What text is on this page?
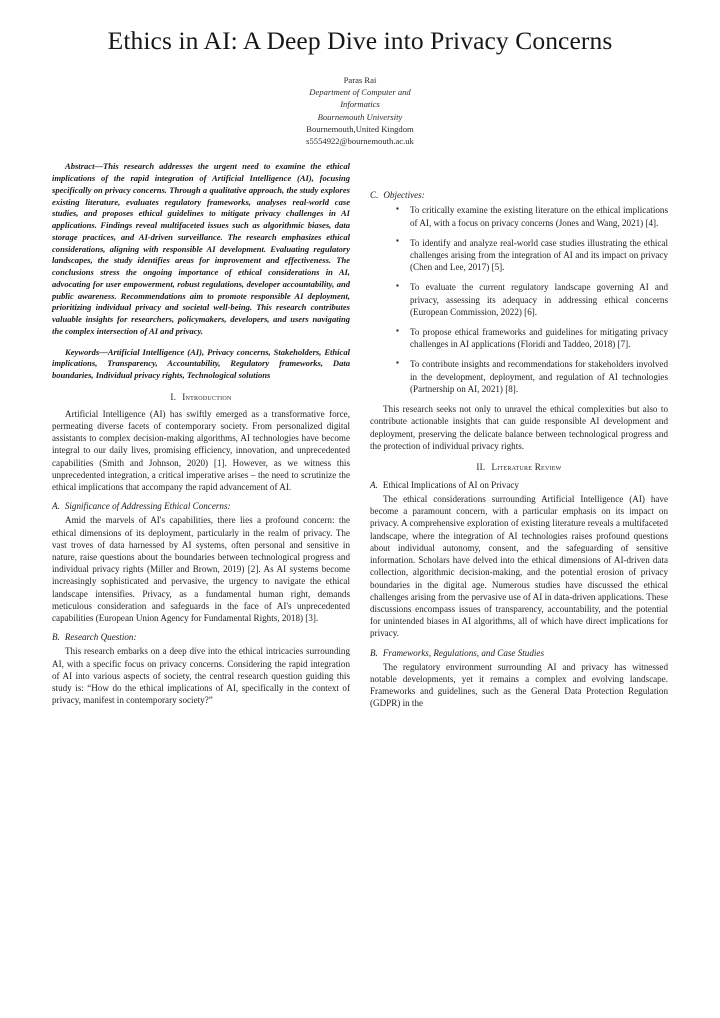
Ethics in AI: A Deep Dive into Privacy Concerns
Paras Rai
Department of Computer and
Informatics
Bournemouth University
Bournemouth,United Kingdom
s5554922@bournemouth.ac.uk

Abstract—This research addresses the urgent need to examine the ethical implications of the rapid integration of Artificial Intelligence (AI), focusing specifically on privacy concerns. Through a qualitative approach, the study explores existing literature, evaluates regulatory frameworks, analyses real-world case studies, and proposes ethical guidelines to mitigate privacy challenges in AI applications. Findings reveal multifaceted issues such as algorithmic biases, data storage practices, and AI-driven surveillance. The research emphasizes ethical considerations, aligning with responsible AI development. Evaluating regulatory landscapes, the study identifies areas for improvement and effectiveness. The conclusions stress the ongoing importance of ethical considerations in AI, advocating for user empowerment, robust regulations, developer accountability, and public awareness. Recommendations aim to promote responsible AI deployment, prioritizing individual privacy and societal well-being. This research contributes valuable insights for researchers, policymakers, developers, and users navigating the complex intersection of AI and privacy.

Keywords—Artificial Intelligence (AI), Privacy concerns, Stakeholders, Ethical implications, Transparency, Accountability, Regulatory frameworks, Data boundaries, Individual privacy rights, Technological solutions

I. Introduction

Artificial Intelligence (AI) has swiftly emerged as a transformative force, permeating diverse facets of contemporary society. From personalized digital assistants to complex decision-making algorithms, AI technologies have become integral to our daily lives, promising efficiency, innovation, and unprecedented capabilities (Smith and Johnson, 2020) [1]. However, as we witness this unprecedented integration, a critical imperative arises – the need to scrutinize the ethical implications that accompany the rapid advancement of AI.

A. Significance of Addressing Ethical Concerns:

Amid the marvels of AI's capabilities, there lies a profound concern: the ethical dimensions of its deployment, particularly in the realm of privacy. The vast troves of data harnessed by AI systems, often personal and sensitive in nature, raise questions about the boundaries between technological progress and individual privacy rights (Miller and Brown, 2019) [2]. As AI systems become increasingly sophisticated and pervasive, the urgency to navigate the ethical landscape intensifies. Privacy, as a fundamental human right, demands meticulous consideration and safeguards in the face of AI's unprecedented capabilities (European Union Agency for Fundamental Rights, 2018) [3].

B. Research Question:

This research embarks on a deep dive into the ethical intricacies surrounding AI, with a specific focus on privacy concerns. Considering the rapid integration of AI into various aspects of society, the central research question guiding this study is: “How do the ethical implications of AI, specifically in the context of privacy, manifest in contemporary society?”

C. Objectives:
▪ To critically examine the existing literature on the ethical implications of AI, with a focus on privacy concerns (Jones and Wang, 2021) [4].
▪ To identify and analyze real-world case studies illustrating the ethical challenges arising from the integration of AI and its impact on privacy (Chen and Lee, 2017) [5].
▪ To evaluate the current regulatory landscape governing AI and privacy, assessing its adequacy in addressing ethical concerns (European Commission, 2022) [6].
▪ To propose ethical frameworks and guidelines for mitigating privacy challenges in AI applications (Floridi and Taddeo, 2018) [7].
▪ To contribute insights and recommendations for stakeholders involved in the development, deployment, and regulation of AI technologies (Partnership on AI, 2021) [8].

This research seeks not only to unravel the ethical complexities but also to contribute actionable insights that can guide responsible AI development and deployment, preserving the delicate balance between technological progress and the protection of individual privacy rights.

II. Literature Review
A. Ethical Implications of AI on Privacy

The ethical considerations surrounding Artificial Intelligence (AI) have become a paramount concern, with a particular emphasis on its impact on privacy. A comprehensive exploration of existing literature reveals a multifaceted landscape, where the integration of AI technologies raises profound questions about individual autonomy, consent, and the safeguarding of sensitive information. Scholars have delved into the ethical dimensions of AI-driven data collection, algorithmic decision-making, and the potential erosion of privacy boundaries in the digital age. Numerous studies have discussed the ethical challenges arising from the pervasive use of AI in data-driven applications. These discussions encompass issues of transparency, accountability, and the potential for unintended biases in AI algorithms, all of which have direct implications for privacy.

B. Frameworks, Regulations, and Case Studies

The regulatory environment surrounding AI and privacy has witnessed notable developments, yet it remains a complex and evolving landscape. Frameworks and guidelines, such as the General Data Protection Regulation (GDPR) in the
